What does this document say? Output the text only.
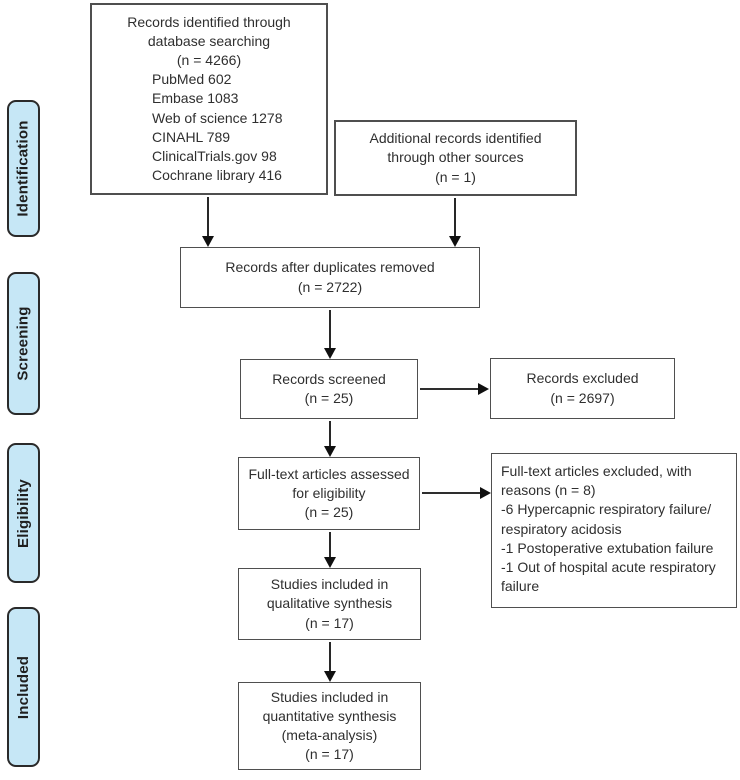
Identification
Screening
Eligibility
Included
Records identified through
database searching
(n = 4266)
PubMed 602
Embase 1083
Web of science 1278
CINAHL 789
ClinicalTrials.gov 98
Cochrane library 416
Additional records identified
through other sources
(n = 1)
Records after duplicates removed
(n = 2722)
Records screened
(n = 25)
Records excluded
(n = 2697)
Full-text articles assessed
for eligibility
(n = 25)
Full-text articles excluded, with
reasons (n = 8)
-6 Hypercapnic respiratory failure/
respiratory acidosis
-1 Postoperative extubation failure
-1 Out of hospital acute respiratory
failure
Studies included in
qualitative synthesis
(n = 17)
Studies included in
quantitative synthesis
(meta-analysis)
(n = 17)
